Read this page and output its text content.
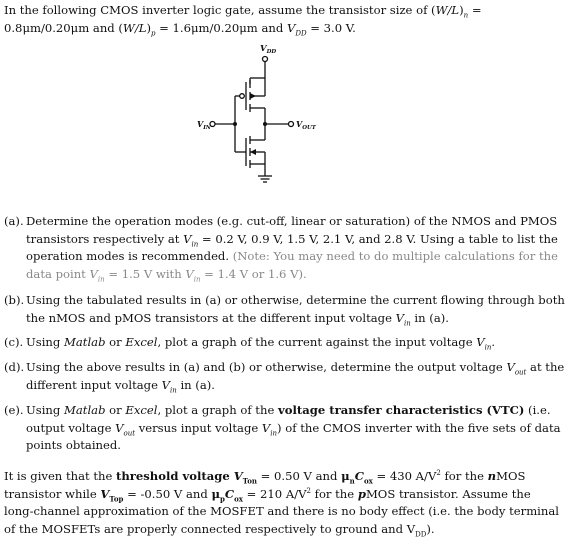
In the following CMOS inverter logic gate, assume the transistor size of $(W/L)_n$ =
0.8μm/0.20μm and $(W/L)_p = 1.6\mu m/0.20\mu m$ and $V_{DD} = 3.0$ V.
$V_{DD}$
$V_{IN}$	$V_{OUT}$
(a). Determine the operation modes (e.g. cut-off, linear or saturation) of the NMOS and PMOS
transistors respectively at $V_{in} = 0.2$ V, 0.9 V, 1.5 V, 2.1 V, and 2.8 V. Using a table to list the
operation modes is recommended. (Note: You may need to do multiple calculations for the
data point $V_{in} = 1.5$ V with $V_{in} = 1.4$ V or 1.6 V).
(b). Using the tabulated results in (a) or otherwise, determine the current flowing through both
the nMOS and pMOS transistors at the different input voltage $V_{in}$ in (a).
(c). Using Matlab or Excel, plot a graph of the current against the input voltage $V_{in}$.
(d). Using the above results in (a) and (b) or otherwise, determine the output voltage $V_{out}$ at the
different input voltage $V_{in}$ in (a).
(e). Using Matlab or Excel, plot a graph of the voltage transfer characteristics (VTC) (i.e.
output voltage $V_{out}$ versus input voltage $V_{in}$) of the CMOS inverter with the five sets of data
points obtained.
It is given that the threshold voltage $V_{Ton} = 0.50$ V and $\mu_nC_{ox} = 430$ $A/V^2$ for the nMOS
transistor while $V_{Top} = -0.50$ V and $\mu_pC_{ox} = 210$ $A/V^2$ for the pMOS transistor. Assume the
long-channel approximation of the MOSFET and there is no body effect (i.e. the body terminal
of the MOSFETs are properly connected respectively to ground and $V_{DD}$).
